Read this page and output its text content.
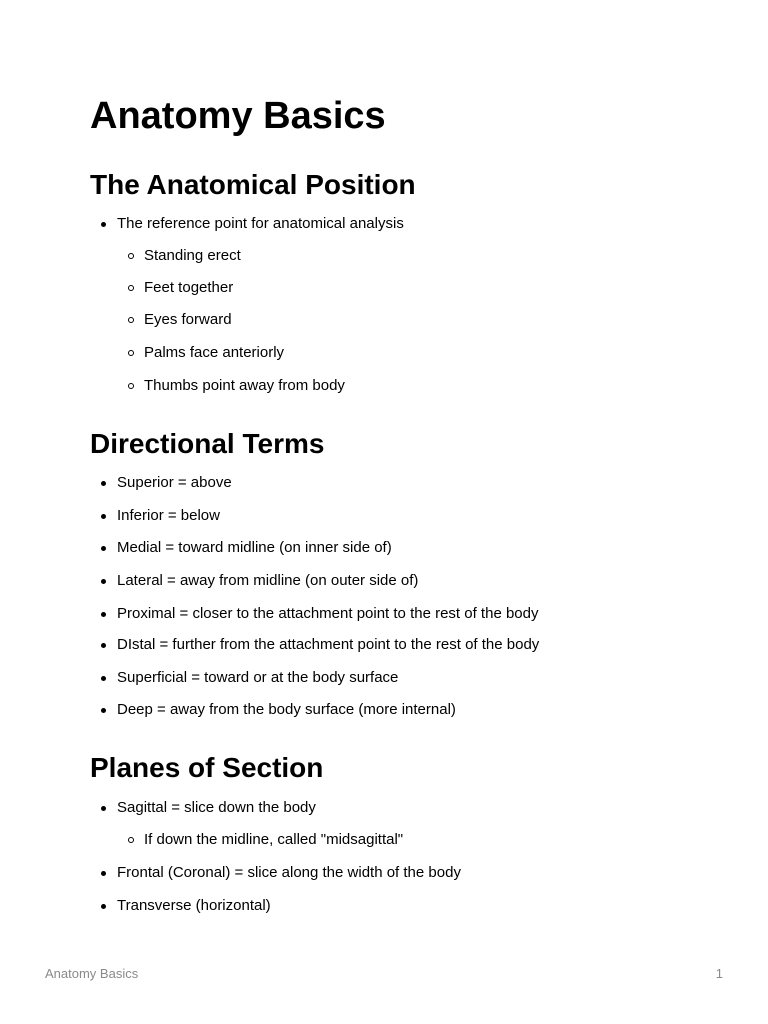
Anatomy Basics
The Anatomical Position
The reference point for anatomical analysis
Standing erect
Feet together
Eyes forward
Palms face anteriorly
Thumbs point away from body
Directional Terms
Superior = above
Inferior = below
Medial = toward midline (on inner side of)
Lateral = away from midline (on outer side of)
Proximal = closer to the attachment point to the rest of the body
DIstal = further from the attachment point to the rest of the body
Superficial = toward or at the body surface
Deep = away from the body surface (more internal)
Planes of Section
Sagittal = slice down the body
If down the midline, called "midsagittal"
Frontal (Coronal) = slice along the width of the body
Transverse (horizontal)
Anatomy Basics	1
